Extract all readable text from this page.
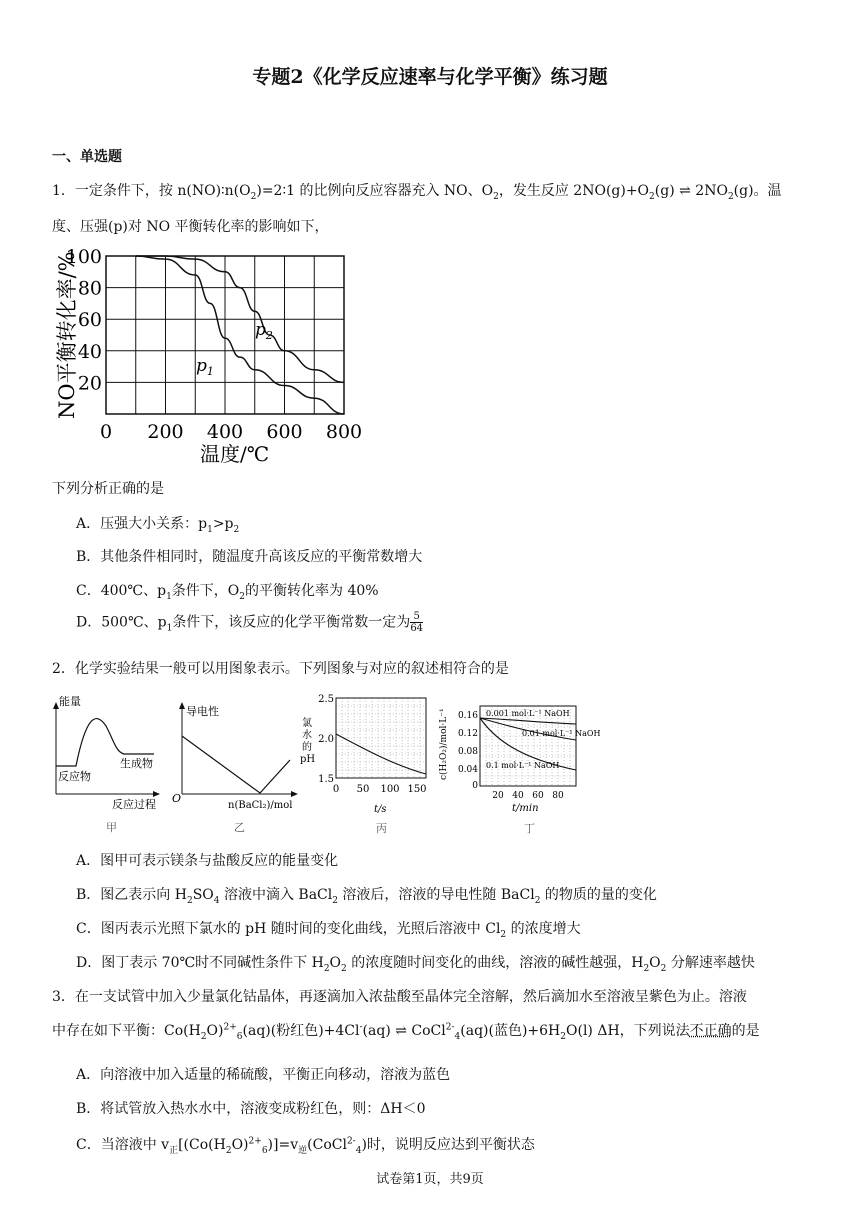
专题2《化学反应速率与化学平衡》练习题
一、单选题
1．一定条件下，按 $n(NO)∶n(O_2)=2∶1$ 的比例向反应容器充入 NO、$O_2$，发生反应 $2NO(g)+O_2(g)$ ⇌ $2NO_2(g)$。温
度、压强(p)对 NO 平衡转化率的影响如下，
100
80
60
40
20
0 200 400 600 800
NO平衡转化率/%
温度/℃
$p_1$
$p_2$
下列分析正确的是
A．压强大小关系：$p_1>p_2$
B．其他条件相同时，随温度升高该反应的平衡常数增大
C．400℃、$p_1$条件下，$O_2$的平衡转化率为 40%
D．500℃、$p_1$条件下，该反应的化学平衡常数一定为 $\frac{5}{64}$
2．化学实验结果一般可以用图象表示。下列图象与对应的叙述相符合的是
能量
反应物
生成物
反应过程
甲
导电性
O
n(BaCl₂)/mol
乙
2.5
2.0
1.5
0 50 100 150
氯
水
的
pH
t/s
丙
0.16
0.12
0.08
0.04
0
20 40 60 80
c(H₂O₂)/mol·L⁻¹	0.001 mol·L⁻¹ NaOH
0.01 mol·L⁻¹ NaOH
0.1 mol·L⁻¹ NaOH
t/min
丁
A．图甲可表示镁条与盐酸反应的能量变化
B．图乙表示向 $H_2SO_4$ 溶液中滴入 BaCl$_2$ 溶液后，溶液的导电性随 BaCl$_2$ 的物质的量的变化
C．图丙表示光照下氯水的 pH 随时间的变化曲线，光照后溶液中 $Cl_2$ 的浓度增大
D．图丁表示 70℃时不同碱性条件下 $H_2O_2$ 的浓度随时间变化的曲线，溶液的碱性越强，$H_2O_2$ 分解速率越快
3．在一支试管中加入少量氯化钴晶体，再逐滴加入浓盐酸至晶体完全溶解，然后滴加水至溶液呈紫色为止。溶液
中存在如下平衡：$Co(H_2O)^{2+}_6(aq)$(粉红色)+4Cl-(aq) ⇌ CoCl$^{2-}_4$(aq)(蓝色)$+6H_2O(l)$ ΔH，下列说法不正确的是
A．向溶液中加入适量的稀硫酸，平衡正向移动，溶液为蓝色
B．将试管放入热水水中，溶液变成粉红色，则：ΔH＜0
C．当溶液中 $v_正[(Co(H_2O)^{2+}_6)]=v_逆(CoCl^{2-}_4)$时，说明反应达到平衡状态
试卷第1页，共9页
